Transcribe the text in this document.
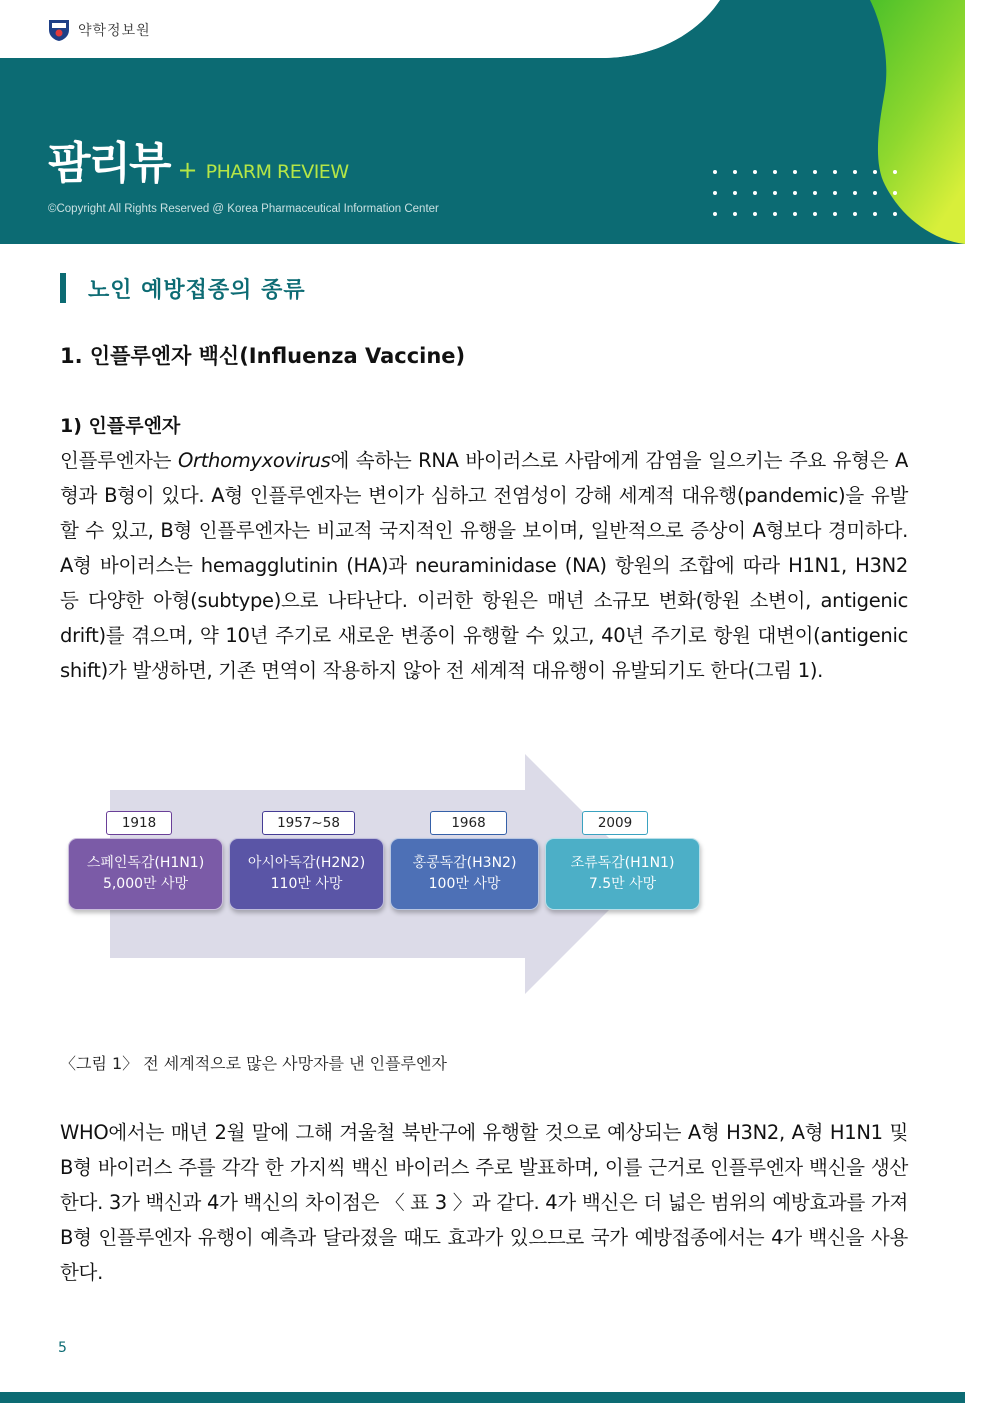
약학정보원
팜리뷰 + PHARM REVIEW
©Copyright All Rights Reserved @ Korea Pharmaceutical Information Center
노인 예방접종의 종류
1. 인플루엔자 백신(Influenza Vaccine)
1) 인플루엔자
인플루엔자는 Orthomyxovirus에 속하는 RNA 바이러스로 사람에게 감염을 일으키는 주요 유형은 A형과 B형이 있다. A형 인플루엔자는 변이가 심하고 전염성이 강해 세계적 대유행(pandemic)을 유발할 수 있고, B형 인플루엔자는 비교적 국지적인 유행을 보이며, 일반적으로 증상이 A형보다 경미하다. A형 바이러스는 hemagglutinin (HA)과 neuraminidase (NA) 항원의 조합에 따라 H1N1, H3N2 등 다양한 아형(subtype)으로 나타난다. 이러한 항원은 매년 소규모 변화(항원 소변이, antigenic drift)를 겪으며, 약 10년 주기로 새로운 변종이 유행할 수 있고, 40년 주기로 항원 대변이(antigenic shift)가 발생하면, 기존 면역이 작용하지 않아 전 세계적 대유행이 유발되기도 한다(그림 1).
1918
스페인독감(H1N1)
5,000만 사망
1957~58
아시아독감(H2N2)
110만 사망
1968
홍콩독감(H3N2)
100만 사망
2009
조류독감(H1N1)
7.5만 사망
〈그림 1〉 전 세계적으로 많은 사망자를 낸 인플루엔자
WHO에서는 매년 2월 말에 그해 겨울철 북반구에 유행할 것으로 예상되는 A형 H3N2, A형 H1N1 및 B형 바이러스 주를 각각 한 가지씩 백신 바이러스 주로 발표하며, 이를 근거로 인플루엔자 백신을 생산한다. 3가 백신과 4가 백신의 차이점은 〈 표 3 〉과 같다. 4가 백신은 더 넓은 범위의 예방효과를 가져 B형 인플루엔자 유행이 예측과 달라졌을 때도 효과가 있으므로 국가 예방접종에서는 4가 백신을 사용한다.
5
